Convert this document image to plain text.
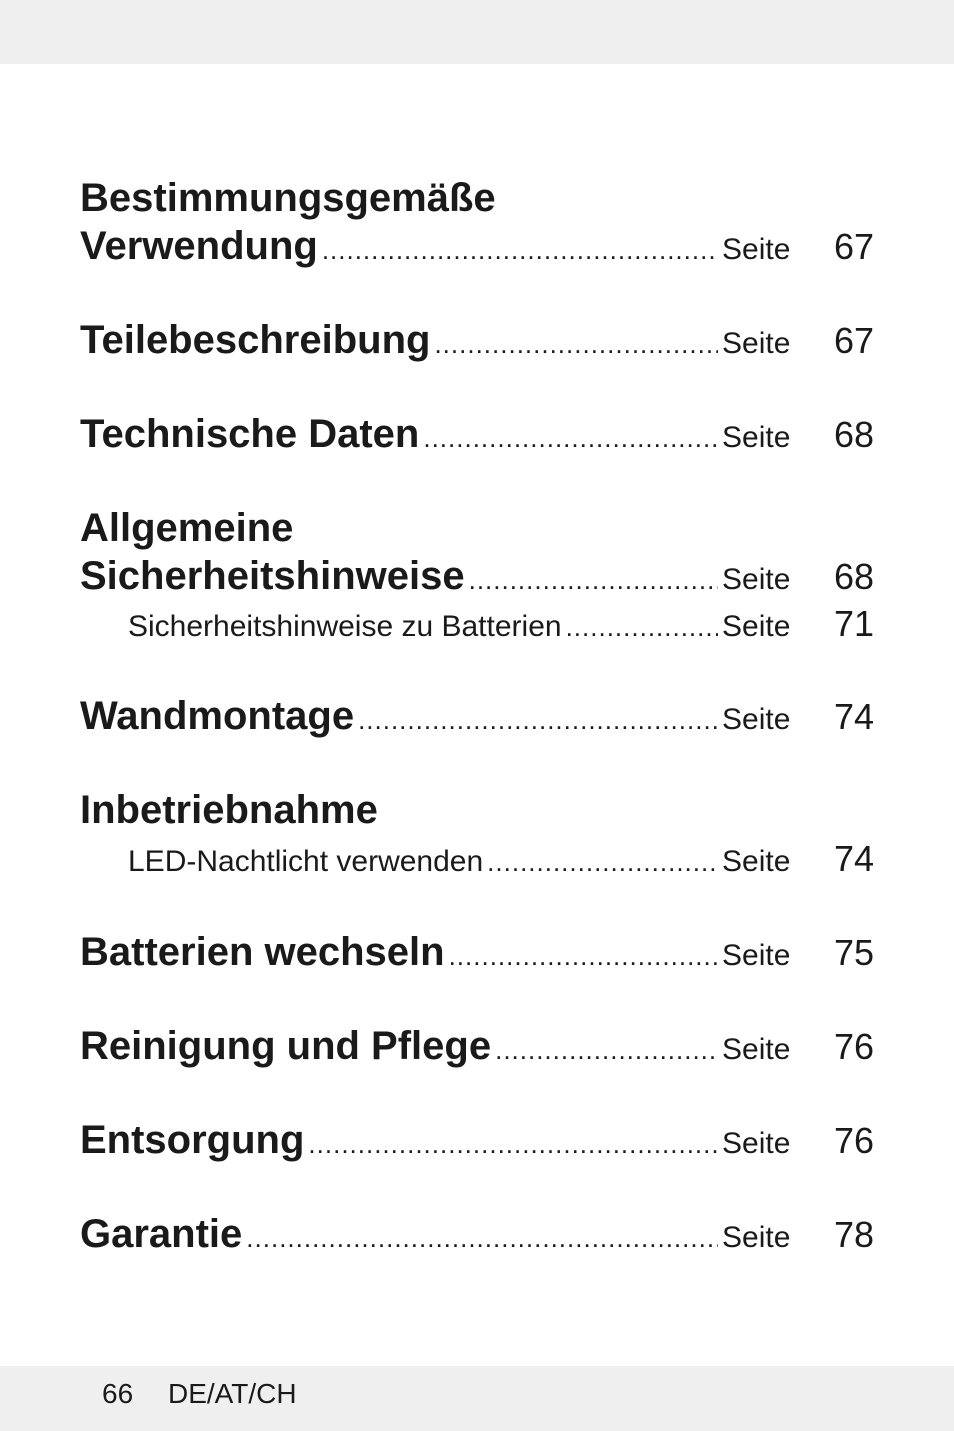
Bestimmungsgemäße
Verwendung .....	Seite	67
Teilebeschreibung .....	Seite	67
Technische Daten .....	Seite	68
Allgemeine
Sicherheitshinweise .....	Seite	68
Sicherheitshinweise zu Batterien .....	Seite	71
Wandmontage .....	Seite	74
Inbetriebnahme
LED-Nachtlicht verwenden .....	Seite	74
Batterien wechseln .....	Seite	75
Reinigung und Pflege .....	Seite	76
Entsorgung .....	Seite	76
Garantie .....	Seite	78
66 DE/AT/CH
